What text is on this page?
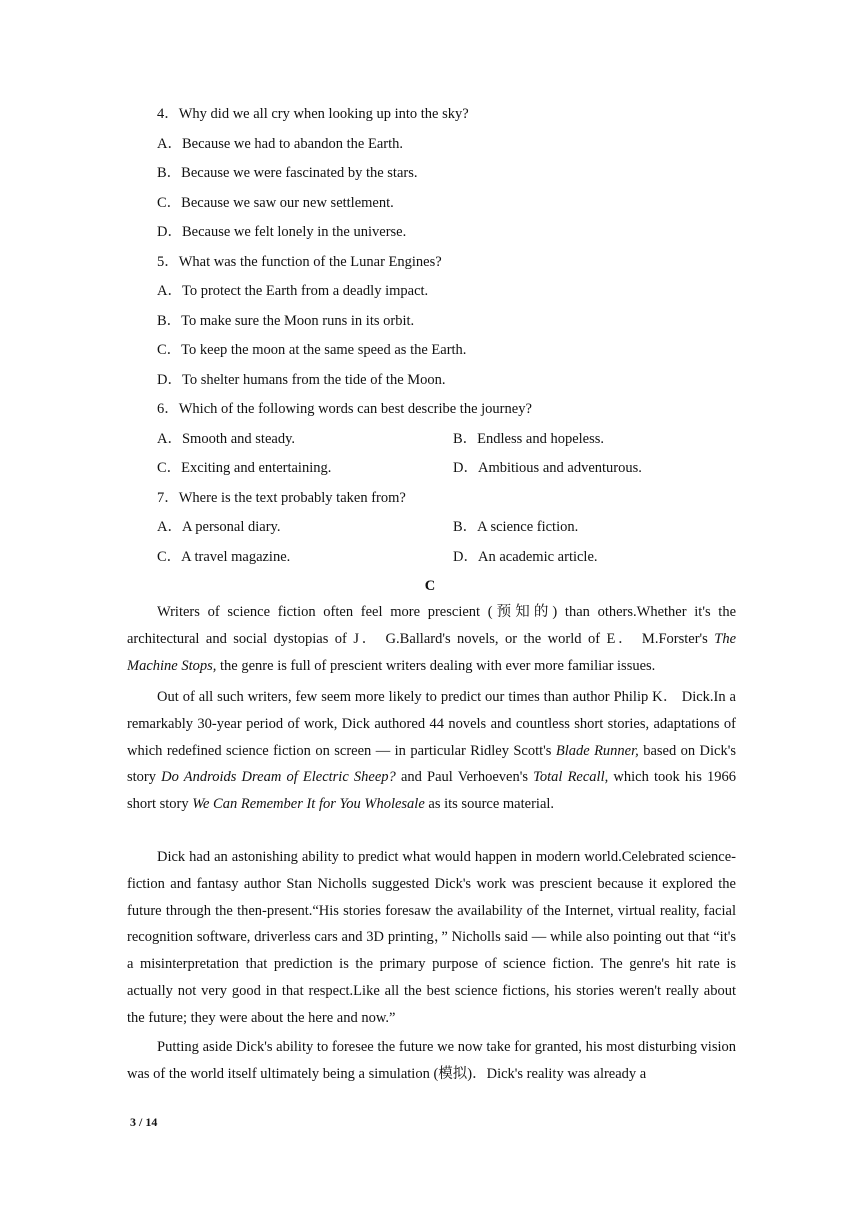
4．Why did we all cry when looking up into the sky?
A．Because we had to abandon the Earth.
B．Because we were fascinated by the stars.
C．Because we saw our new settlement.
D．Because we felt lonely in the universe.
5．What was the function of the Lunar Engines?
A．To protect the Earth from a deadly impact.
B．To make sure the Moon runs in its orbit.
C．To keep the moon at the same speed as the Earth.
D．To shelter humans from the tide of the Moon.
6．Which of the following words can best describe the journey?
A．Smooth and steady.	B．Endless and hopeless.
C．Exciting and entertaining.	D．Ambitious and adventurous.
7．Where is the text probably taken from?
A．A personal diary.	B．A science fiction.
C．A travel magazine.	D．An academic article.
C

Writers of science fiction often feel more prescient (预知的) than others.Whether it's the architectural and social dystopias of J． G.Ballard's novels, or the world of E． M.Forster's The Machine Stops, the genre is full of prescient writers dealing with ever more familiar issues.

Out of all such writers, few seem more likely to predict our times than author Philip K． Dick.In a remarkably 30-year period of work, Dick authored 44 novels and countless short stories, adaptations of which redefined science fiction on screen — in particular Ridley Scott's Blade Runner, based on Dick's story Do Androids Dream of Electric Sheep? and Paul Verhoeven's Total Recall, which took his 1966 short story We Can Remember It for You Wholesale as its source material.

Dick had an astonishing ability to predict what would happen in modern world.Celebrated science-fiction and fantasy author Stan Nicholls suggested Dick's work was prescient because it explored the future through the then-present.“His stories foresaw the availability of the Internet, virtual reality, facial recognition software, driverless cars and 3D printing，” Nicholls said — while also pointing out that “it's a misinterpretation that prediction is the primary purpose of science fiction. The genre's hit rate is actually not very good in that respect.Like all the best science fictions, his stories weren't really about the future; they were about the here and now.”

Putting aside Dick's ability to foresee the future we now take for granted, his most disturbing vision was of the world itself ultimately being a simulation (模拟)．Dick's reality was already a

3 / 14
